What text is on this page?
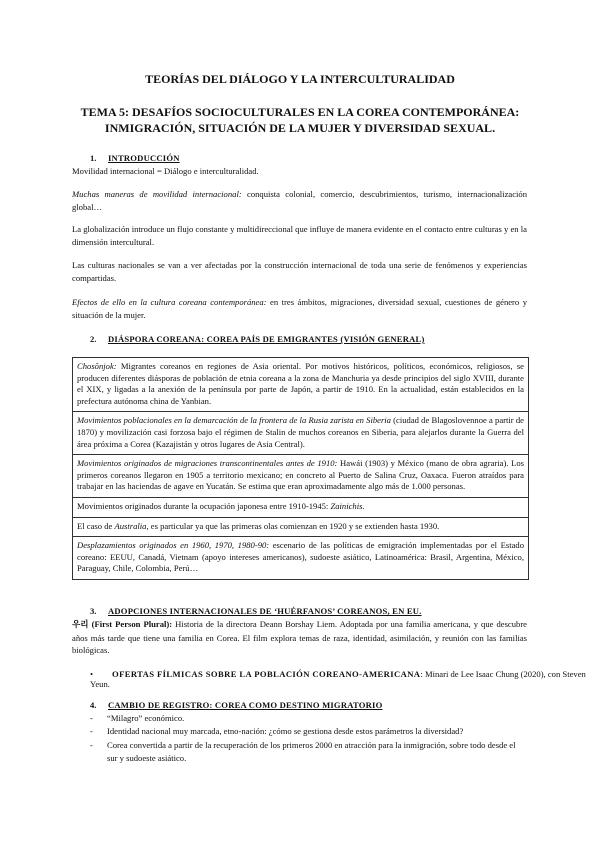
TEORÍAS DEL DIÁLOGO Y LA INTERCULTURALIDAD
TEMA 5: DESAFÍOS SOCIOCULTURALES EN LA COREA CONTEMPORÁNEA:
INMIGRACIÓN, SITUACIÓN DE LA MUJER Y DIVERSIDAD SEXUAL.
1. INTRODUCCIÓN
Movilidad internacional = Diálogo e interculturalidad.
Muchas maneras de movilidad internacional: conquista colonial, comercio, descubrimientos, turismo, internacionalización global…
La globalización introduce un flujo constante y multidireccional que influye de manera evidente en el contacto entre culturas y en la dimensión intercultural.
Las culturas nacionales se van a ver afectadas por la construcción internacional de toda una serie de fenómenos y experiencias compartidas.
Efectos de ello en la cultura coreana contemporánea: en tres ámbitos, migraciones, diversidad sexual, cuestiones de género y situación de la mujer.
2. DIÁSPORA COREANA: COREA PAÍS DE EMIGRANTES (VISIÓN GENERAL)
Chosŏnjok: Migrantes coreanos en regiones de Asia oriental. Por motivos históricos, políticos, económicos, religiosos, se producen diferentes diásporas de población de etnia coreana a la zona de Manchuria ya desde principios del siglo XVIII, durante el XIX, y ligadas a la anexión de la península por parte de Japón, a partir de 1910. En la actualidad, están establecidos en la prefectura autónoma china de Yanbian.
Movimientos poblacionales en la demarcación de la frontera de la Rusia zarista en Siberia (ciudad de Blagoslovennoe a partir de 1870) y movilización casi forzosa bajo el régimen de Stalin de muchos coreanos en Siberia, para alejarlos durante la Guerra del área próxima a Corea (Kazajistán y otros lugares de Asia Central).
Movimientos originados de migraciones transcontinentales antes de 1910: Hawái (1903) y México (mano de obra agraria). Los primeros coreanos llegaron en 1905 a territorio mexicano; en concreto al Puerto de Salina Cruz, Oaxaca. Fueron atraídos para trabajar en las haciendas de agave en Yucatán. Se estima que eran aproximadamente algo más de 1.000 personas.
Movimientos originados durante la ocupación japonesa entre 1910-1945: Zainichis.
El caso de Australia, es particular ya que las primeras olas comienzan en 1920 y se extienden hasta 1930.
Desplazamientos originados en 1960, 1970, 1980-90: escenario de las políticas de emigración implementadas por el Estado coreano: EEUU, Canadá, Vietnam (apoyo intereses americanos), sudoeste asiático, Latinoamérica: Brasil, Argentina, México, Paraguay, Chile, Colombia, Perú…
3. ADOPCIONES INTERNACIONALES DE ‘HUÉRFANOS’ COREANOS, EN EU.
우리 (First Person Plural): Historia de la directora Deann Borshay Liem. Adoptada por una familia americana, y que descubre años más tarde que tiene una familia en Corea. El film explora temas de raza, identidad, asimilación, y reunión con las familias biológicas.
• OFERTAS FÍLMICAS SOBRE LA POBLACIÓN COREANO-AMERICANA: Minari de Lee Isaac Chung (2020), con Steven Yeun.
4. CAMBIO DE REGISTRO: COREA COMO DESTINO MIGRATORIO
- “Milagro” económico.
- Identidad nacional muy marcada, etno-nación: ¿cómo se gestiona desde estos parámetros la diversidad?
- Corea convertida a partir de la recuperación de los primeros 2000 en atracción para la inmigración, sobre todo desde el sur y sudoeste asiático.
